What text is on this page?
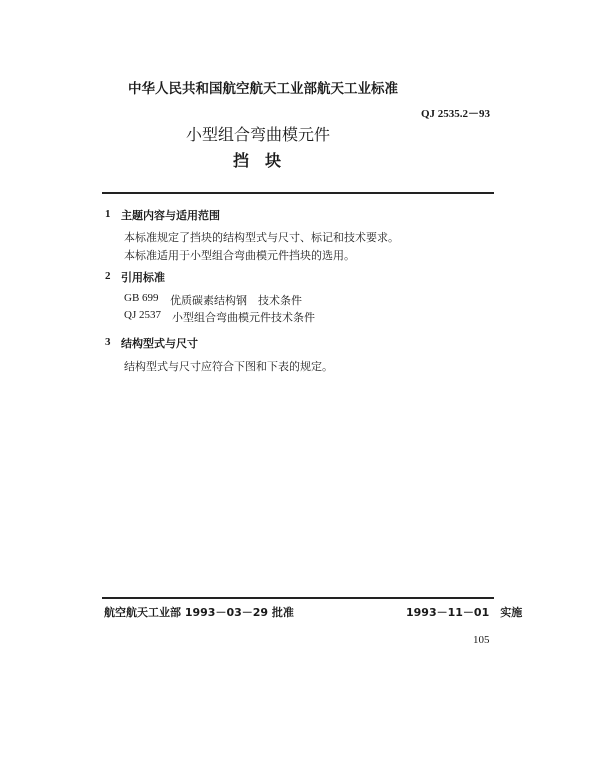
中华人民共和国航空航天工业部航天工业标准
QJ 2535.2－93
小型组合弯曲模元件
挡　块
1 主题内容与适用范围
本标准规定了挡块的结构型式与尺寸、标记和技术要求。
本标准适用于小型组合弯曲模元件挡块的选用。
2 引用标准
GB 699 优质碳素结构钢　技术条件
QJ 2537 小型组合弯曲模元件技术条件
3 结构型式与尺寸
结构型式与尺寸应符合下图和下表的规定。
航空航天工业部 1993－03－29 批准	1993－11－01　实施
105
